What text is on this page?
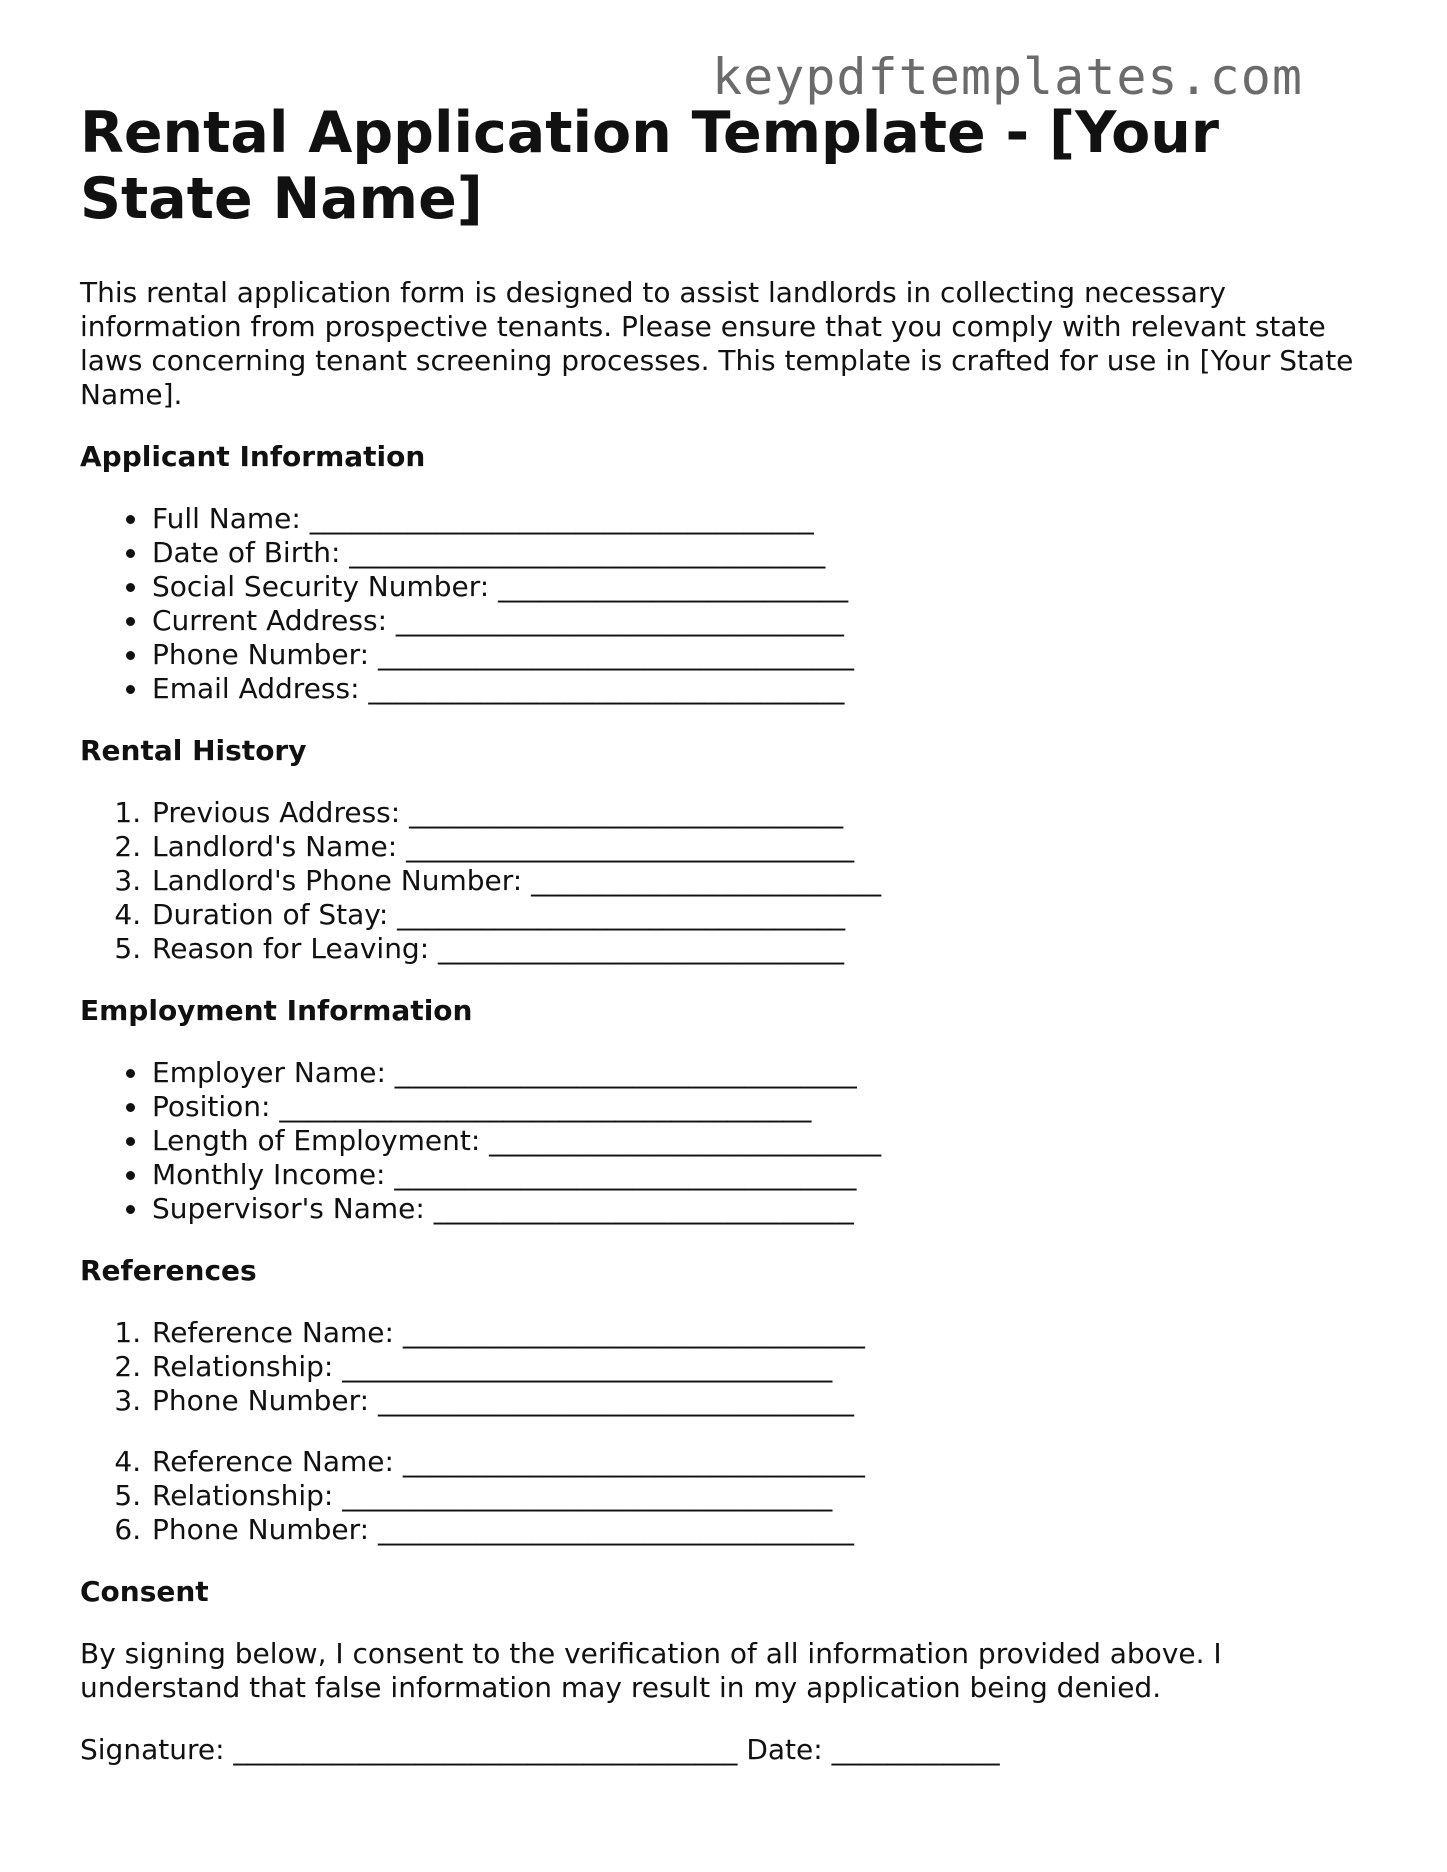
keypdftemplates.com
Rental Application Template - [Your State Name]

This rental application form is designed to assist landlords in collecting necessary information from prospective tenants. Please ensure that you comply with relevant state laws concerning tenant screening processes. This template is crafted for use in [Your State Name].

Applicant Information
• Full Name: ____________________________________
• Date of Birth: __________________________________
• Social Security Number: _________________________
• Current Address: ________________________________
• Phone Number: __________________________________
• Email Address: __________________________________
Rental History
1. Previous Address: _______________________________
2. Landlord's Name: ________________________________
3. Landlord's Phone Number: _________________________
4. Duration of Stay: ________________________________
5. Reason for Leaving: _____________________________
Employment Information
• Employer Name: _________________________________
• Position: ______________________________________
• Length of Employment: ____________________________
• Monthly Income: _________________________________
• Supervisor's Name: ______________________________
References
1. Reference Name: _________________________________
2. Relationship: ___________________________________
3. Phone Number: __________________________________
4. Reference Name: _________________________________
5. Relationship: ___________________________________
6. Phone Number: __________________________________
Consent

By signing below, I consent to the verification of all information provided above. I understand that false information may result in my application being denied.

Signature: ____________________________________ Date: ____________
